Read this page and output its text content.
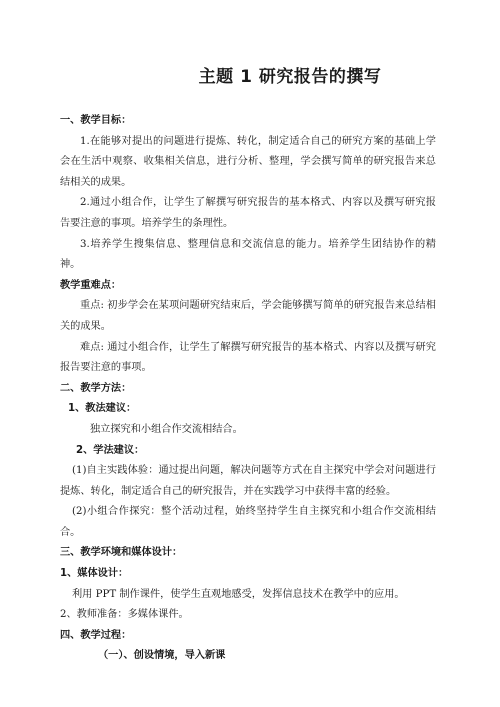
主题 1 研究报告的撰写

一、教学目标：

1.在能够对提出的问题进行提炼、转化，制定适合自己的研究方案的基础上学会在生活中观察、收集相关信息，进行分析、整理，学会撰写简单的研究报告来总结相关的成果。

2.通过小组合作，让学生了解撰写研究报告的基本格式、内容以及撰写研究报告要注意的事项。培养学生的条理性。

3.培养学生搜集信息、整理信息和交流信息的能力。培养学生团结协作的精神。

教学重难点：

重点: 初步学会在某项问题研究结束后，学会能够撰写简单的研究报告来总结相关的成果。

难点: 通过小组合作，让学生了解撰写研究报告的基本格式、内容以及撰写研究报告要注意的事项。

二、教学方法：

1、教法建议：

独立探究和小组合作交流相结合。

2、学法建议：

(1)自主实践体验：通过提出问题，解决问题等方式在自主探究中学会对问题进行提炼、转化，制定适合自己的研究报告，并在实践学习中获得丰富的经验。

(2)小组合作探究：整个活动过程，始终坚持学生自主探究和小组合作交流相结合。

三、教学环境和媒体设计：

1、媒体设计：

利用 PPT 制作课件，使学生直观地感受，发挥信息技术在教学中的应用。

2、教师准备：多媒体课件。

四、教学过程：

（一）、创设情境，导入新课
